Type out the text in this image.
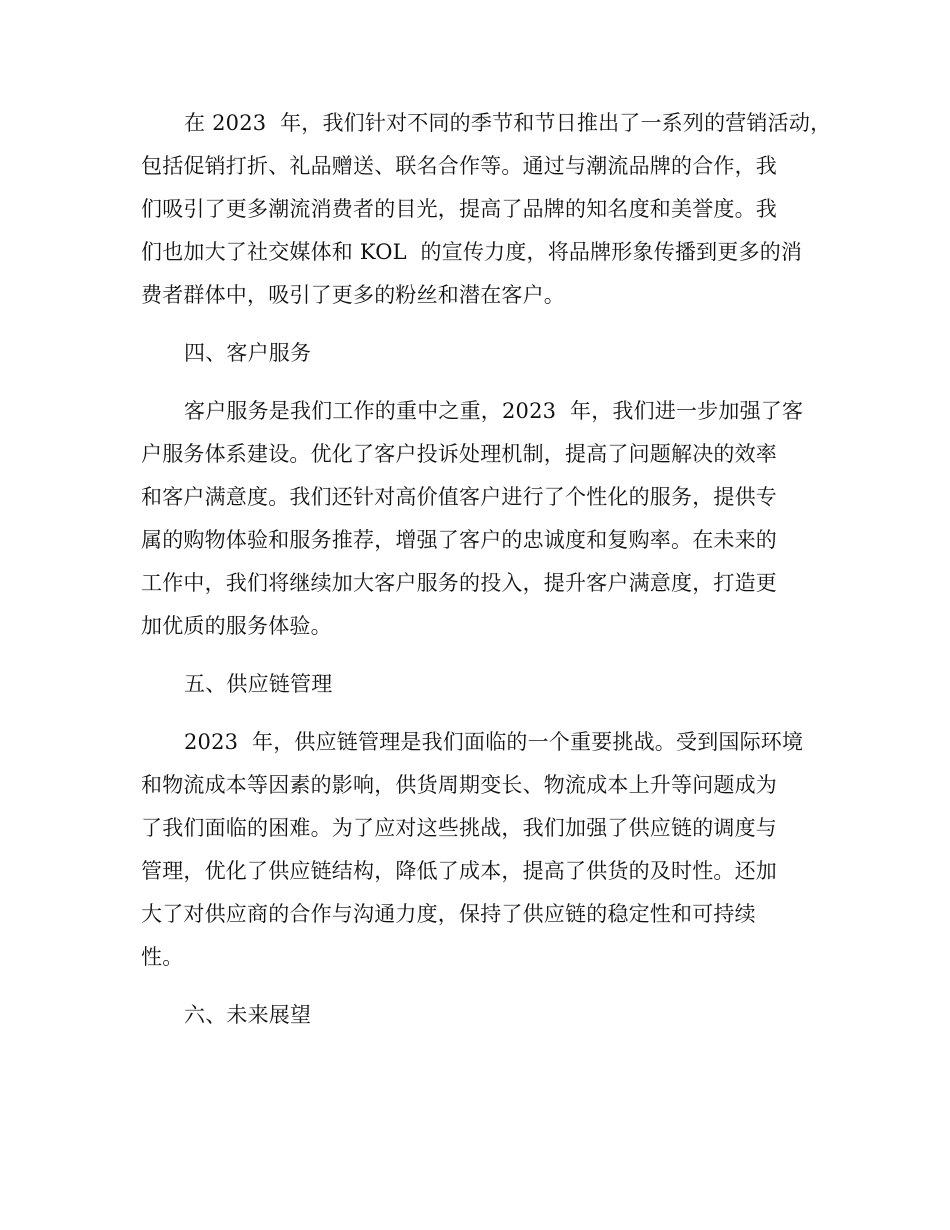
在 2023  年，我们针对不同的季节和节日推出了一系列的营销活动，
包括促销打折、礼品赠送、联名合作等。通过与潮流品牌的合作，我
们吸引了更多潮流消费者的目光，提高了品牌的知名度和美誉度。我
们也加大了社交媒体和 KOL  的宣传力度，将品牌形象传播到更多的消
费者群体中，吸引了更多的粉丝和潜在客户。
四、客户服务
客户服务是我们工作的重中之重，2023  年，我们进一步加强了客
户服务体系建设。优化了客户投诉处理机制，提高了问题解决的效率
和客户满意度。我们还针对高价值客户进行了个性化的服务，提供专
属的购物体验和服务推荐，增强了客户的忠诚度和复购率。在未来的
工作中，我们将继续加大客户服务的投入，提升客户满意度，打造更
加优质的服务体验。
五、供应链管理
2023  年，供应链管理是我们面临的一个重要挑战。受到国际环境
和物流成本等因素的影响，供货周期变长、物流成本上升等问题成为
了我们面临的困难。为了应对这些挑战，我们加强了供应链的调度与
管理，优化了供应链结构，降低了成本，提高了供货的及时性。还加
大了对供应商的合作与沟通力度，保持了供应链的稳定性和可持续
性。
六、未来展望
